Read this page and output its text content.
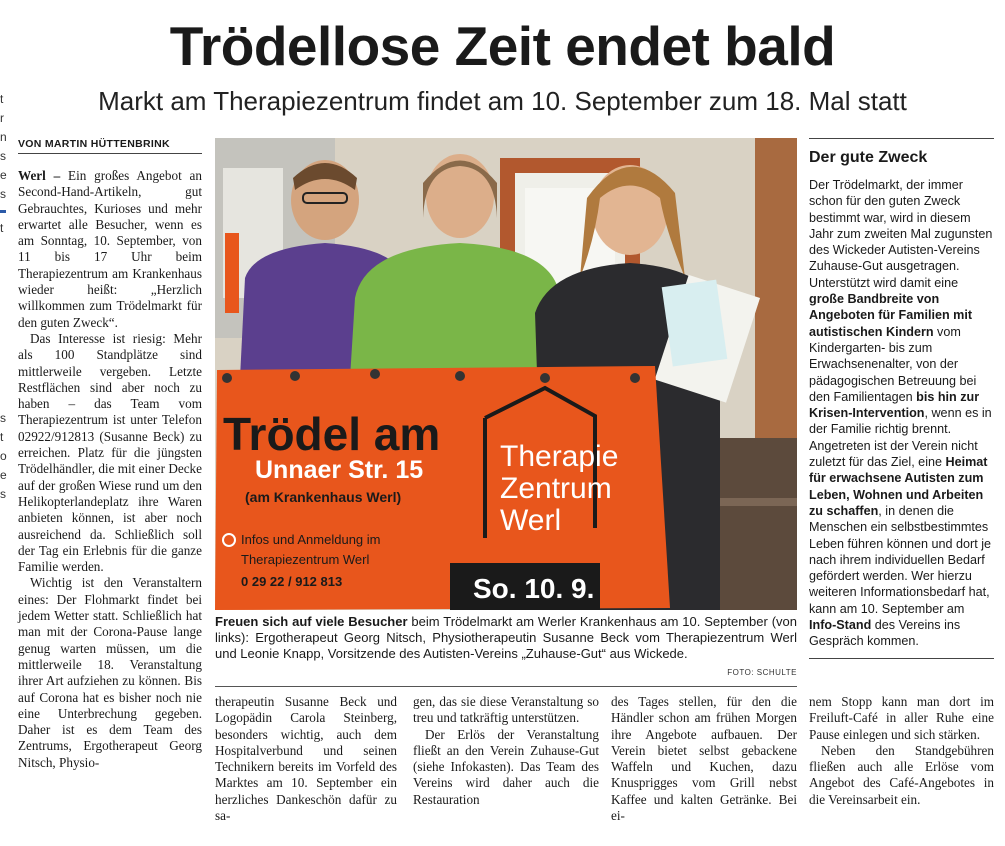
Trödellose Zeit endet bald
Markt am Therapiezentrum findet am 10. September zum 18. Mal statt
t
r
n
s
e
s
t

s
t
o
e
s
VON MARTIN HÜTTENBRINK

Werl – Ein großes Angebot an Second-Hand-Artikeln, gut Gebrauchtes, Kurioses und mehr erwartet alle Besucher, wenn es am Sonntag, 10. September, von 11 bis 17 Uhr beim Therapiezentrum am Krankenhaus wieder heißt: „Herzlich willkommen zum Trödelmarkt für den guten Zweck“.

Das Interesse ist riesig: Mehr als 100 Standplätze sind mittlerweile vergeben. Letzte Restflächen sind aber noch zu haben – das Team vom Therapiezentrum ist unter Telefon 02922/912813 (Susanne Beck) zu erreichen. Platz für die jüngsten Trödelhändler, die mit einer Decke auf der großen Wiese rund um den Helikopterlandeplatz ihre Waren anbieten können, ist aber noch ausreichend da. Schließlich soll der Tag ein Erlebnis für die ganze Familie werden.

Wichtig ist den Veranstaltern eines: Der Flohmarkt findet bei jedem Wetter statt. Schließlich hat man mit der Corona-Pause lange genug warten müssen, um die mittlerweile 18. Veranstaltung ihrer Art aufziehen zu können. Bis auf Corona hat es bisher noch nie eine Unterbrechung gegeben. Daher ist es dem Team des Zentrums, Ergotherapeut Georg Nitsch, Physio-

Trödel am
Unnaer Str. 15
(am Krankenhaus Werl)
Infos und Anmeldung im
Therapiezentrum Werl
0 29 22 / 912 813
Therapie
Zentrum
Werl
So. 10. 9.
Freuen sich auf viele Besucher beim Trödelmarkt am Werler Krankenhaus am 10. September (von links): Ergotherapeut Georg Nitsch, Physiotherapeutin Susanne Beck vom Therapiezentrum Werl und Leonie Knapp, Vorsitzende des Autisten-Vereins „Zuhause-Gut“ aus Wickede.
FOTO: SCHULTE

therapeutin Susanne Beck und Logopädin Carola Steinberg, besonders wichtig, auch dem Hospitalverbund und seinen Technikern bereits im Vorfeld des Marktes am 10. September ein herzliches Dankeschön dafür zu sa-

gen, das sie diese Veranstaltung so treu und tatkräftig unterstützen.

Der Erlös der Veranstaltung fließt an den Verein Zuhause-Gut (siehe Infokasten). Das Team des Vereins wird daher auch die Restauration

des Tages stellen, für den die Händler schon am frühen Morgen ihre Angebote aufbauen. Der Verein bietet selbst gebackene Waffeln und Kuchen, dazu Knusprigges vom Grill nebst Kaffee und kalten Getränke. Bei ei-

Der gute Zweck
Der Trödelmarkt, der immer schon für den guten Zweck bestimmt war, wird in diesem Jahr zum zweiten Mal zugunsten des Wickeder Autisten-Vereins Zuhause-Gut ausgetragen. Unterstützt wird damit eine große Bandbreite von Angeboten für Familien mit autistischen Kindern vom Kindergarten- bis zum Erwachsenenalter, von der pädagogischen Betreuung bei den Familientagen bis hin zur Krisen-Intervention, wenn es in der Familie richtig brennt. Angetreten ist der Verein nicht zuletzt für das Ziel, eine Heimat für erwachsene Autisten zum Leben, Wohnen und Arbeiten zu schaffen, in denen die Menschen ein selbstbestimmtes Leben führen können und dort je nach ihrem individuellen Bedarf gefördert werden. Wer hierzu weiteren Informationsbedarf hat, kann am 10. September am Info-Stand des Vereins ins Gespräch kommen.

nem Stopp kann man dort im Freiluft-Café in aller Ruhe eine Pause einlegen und sich stärken.

Neben den Standgebühren fließen auch alle Erlöse vom Angebot des Café-Angebotes in die Vereinsarbeit ein.
